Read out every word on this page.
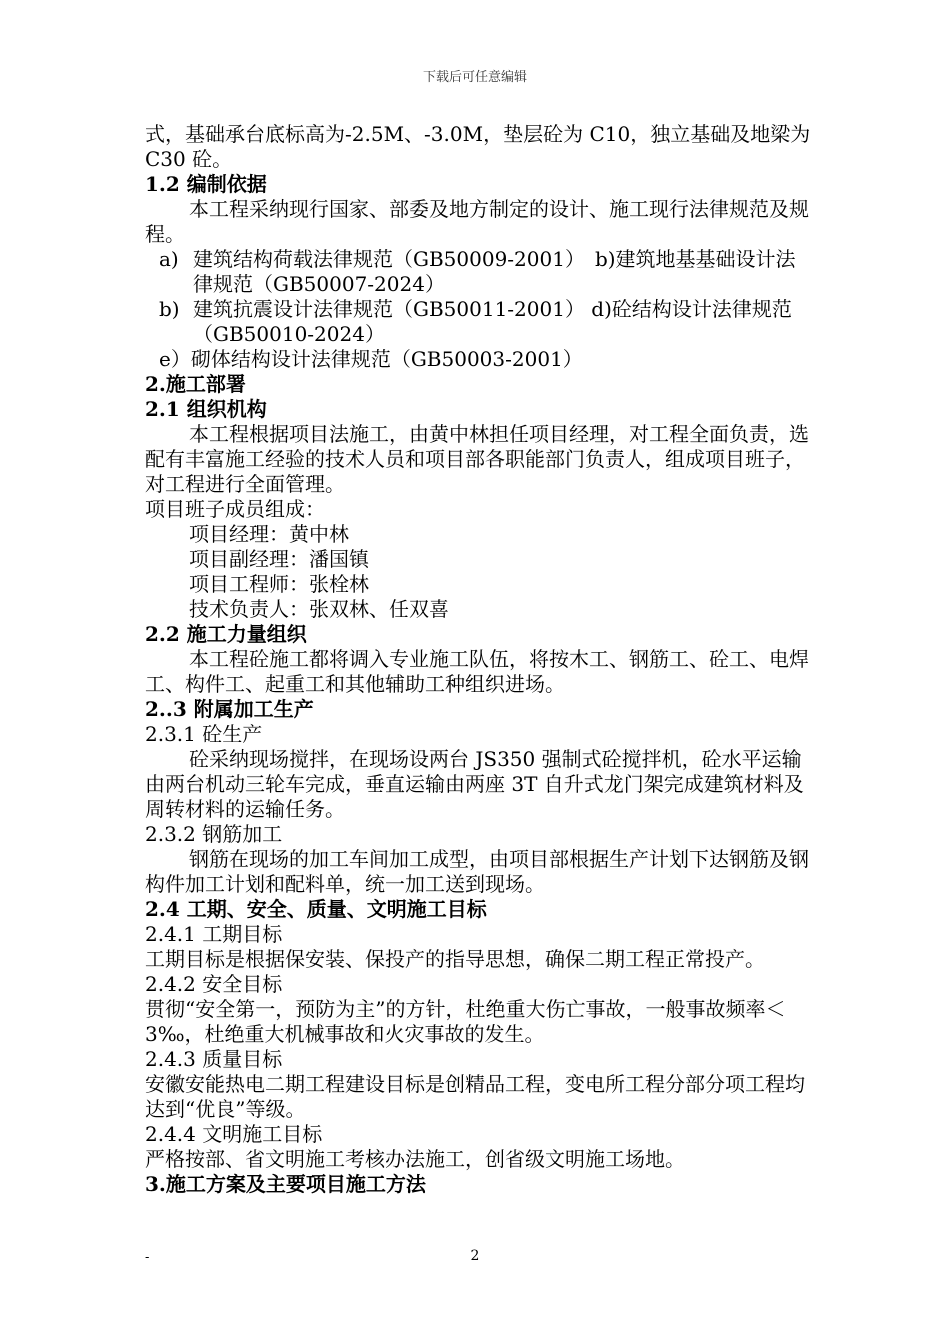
下载后可任意编辑

式，基础承台底标高为-2.5M、-3.0M，垫层砼为 C10，独立基础及地梁为 C30 砼。

1.2 编制依据

本工程采纳现行国家、部委及地方制定的设计、施工现行法律规范及规程。

a) 建筑结构荷载法律规范（GB50009-2001）　b)建筑地基基础设计法律规范（GB50007-2024）
b) 建筑抗震设计法律规范（GB50011-2001） d)砼结构设计法律规范（GB50010-2024）

e）砌体结构设计法律规范（GB50003-2001）

2.施工部署

2.1 组织机构

本工程根据项目法施工，由黄中林担任项目经理，对工程全面负责，选配有丰富施工经验的技术人员和项目部各职能部门负责人，组成项目班子，对工程进行全面管理。

项目班子成员组成：

项目经理：黄中林

项目副经理：潘国镇

项目工程师：张栓林

技术负责人：张双林、任双喜

2.2 施工力量组织

本工程砼施工都将调入专业施工队伍，将按木工、钢筋工、砼工、电焊工、构件工、起重工和其他辅助工种组织进场。

2..3 附属加工生产

2.3.1 砼生产

砼采纳现场搅拌，在现场设两台 JS350 强制式砼搅拌机，砼水平运输由两台机动三轮车完成，垂直运输由两座 3T 自升式龙门架完成建筑材料及周转材料的运输任务。

2.3.2 钢筋加工

钢筋在现场的加工车间加工成型，由项目部根据生产计划下达钢筋及钢构件加工计划和配料单，统一加工送到现场。

2.4 工期、安全、质量、文明施工目标

2.4.1 工期目标

工期目标是根据保安装、保投产的指导思想，确保二期工程正常投产。

2.4.2 安全目标

贯彻“安全第一，预防为主”的方针，杜绝重大伤亡事故，一般事故频率＜3‰，杜绝重大机械事故和火灾事故的发生。

2.4.3 质量目标

安徽安能热电二期工程建设目标是创精品工程，变电所工程分部分项工程均达到“优良”等级。

2.4.4 文明施工目标

严格按部、省文明施工考核办法施工，创省级文明施工场地。

3.施工方案及主要项目施工方法

-	2
